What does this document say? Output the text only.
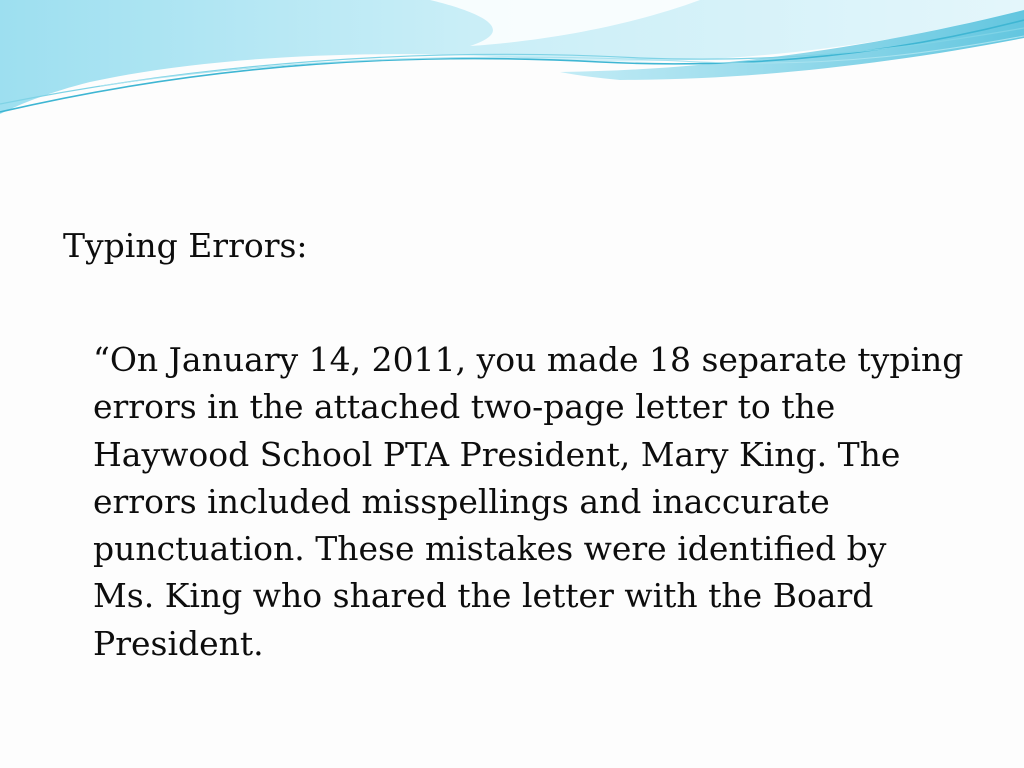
Typing Errors:

“On January 14, 2011, you made 18 separate typing
errors in the attached two-page letter to the
Haywood School PTA President, Mary King. The
errors included misspellings and inaccurate
punctuation. These mistakes were identified by
Ms. King who shared the letter with the Board
President.
